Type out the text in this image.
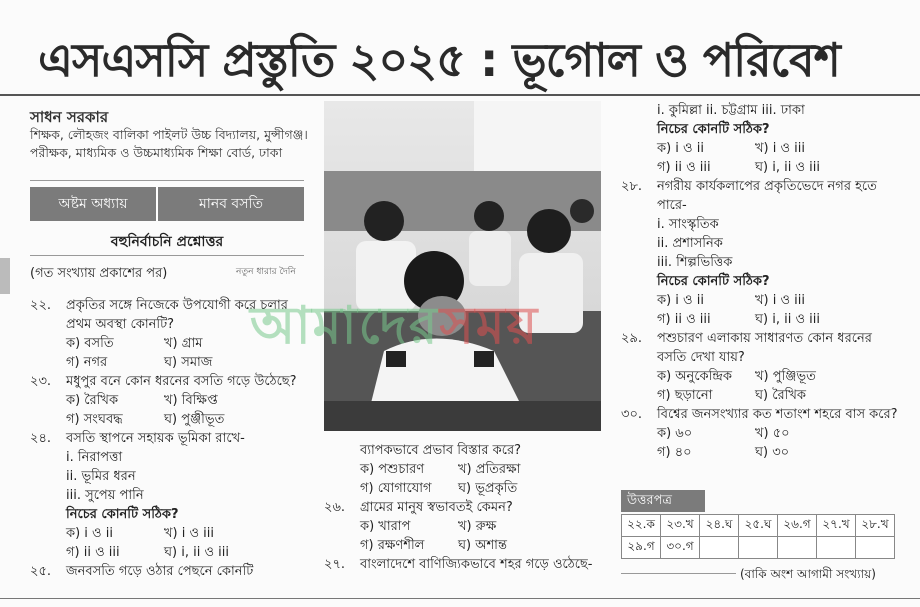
এসএসসি প্রস্তুতি ২০২৫ : ভূগোল ও পরিবেশ
সাধন সরকার
শিক্ষক, লৌহজং বালিকা পাইলট উচ্চ বিদ্যালয়, মুন্সীগঞ্জ। পরীক্ষক, মাধ্যমিক ও উচ্চমাধ্যমিক শিক্ষা বোর্ড, ঢাকা
অষ্টম অধ্যায়	মানব বসতি
বহুনির্বাচনি প্রশ্নোত্তর
(গত সংখ্যায় প্রকাশের পর)	নতুন ধারার দৈনি
২২.	প্রকৃতির সঙ্গে নিজেকে উপযোগী করে চলার প্রথম অবস্থা কোনটি?
ক) বসতি	খ) গ্রাম
গ) নগর	ঘ) সমাজ
২৩.	মধুপুর বনে কোন ধরনের বসতি গড়ে উঠেছে?
ক) রৈখিক	খ) বিক্ষিপ্ত
গ) সংঘবদ্ধ	ঘ) পুঞ্জীভূত
২৪.	বসতি স্থাপনে সহায়ক ভূমিকা রাখে-
i. নিরাপত্তা
ii. ভূমির ধরন
iii. সুপেয় পানি
নিচের কোনটি সঠিক?
ক) i ও ii	খ) i ও iii
গ) ii ও iii	ঘ) i, ii ও iii
২৫.	জনবসতি গড়ে ওঠার পেছনে কোনটি
আমাদেরসময়
ব্যাপকভাবে প্রভাব বিস্তার করে?
ক) পশুচারণ	খ) প্রতিরক্ষা
গ) যোগাযোগ	ঘ) ভূপ্রকৃতি
২৬.	গ্রামের মানুষ স্বভাবতই কেমন?
ক) খারাপ	খ) রুক্ষ
গ) রক্ষণশীল	ঘ) অশান্ত
২৭.	বাংলাদেশে বাণিজ্যিকভাবে শহর গড়ে ওঠেছে-
i. কুমিল্লা ii. চট্টগ্রাম iii. ঢাকা
নিচের কোনটি সঠিক?
ক) i ও ii	খ) i ও iii
গ) ii ও iii	ঘ) i, ii ও iii
২৮.	নগরীয় কার্যকলাপের প্রকৃতিভেদে নগর হতে পারে-
i. সাংস্কৃতিক
ii. প্রশাসনিক
iii. শিল্পভিত্তিক
নিচের কোনটি সঠিক?
ক) i ও ii	খ) i ও iii
গ) ii ও iii	ঘ) i, ii ও iii
২৯.	পশুচারণ এলাকায় সাধারণত কোন ধরনের বসতি দেখা যায়?
ক) অনুকেন্দ্রিক	খ) পুঞ্জিভূত
গ) ছড়ানো	ঘ) রৈখিক
৩০.	বিশ্বের জনসংখ্যার কত শতাংশ শহরে বাস করে?
ক) ৬০	খ) ৫০
গ) ৪০	ঘ) ৩০
উত্তরপত্র
২২.ক	২৩.খ	২৪.ঘ	২৫.ঘ	২৬.গ	২৭.খ	২৮.খ
২৯.গ	৩০.গ					
(বাকি অংশ আগামী সংখ্যায়)
